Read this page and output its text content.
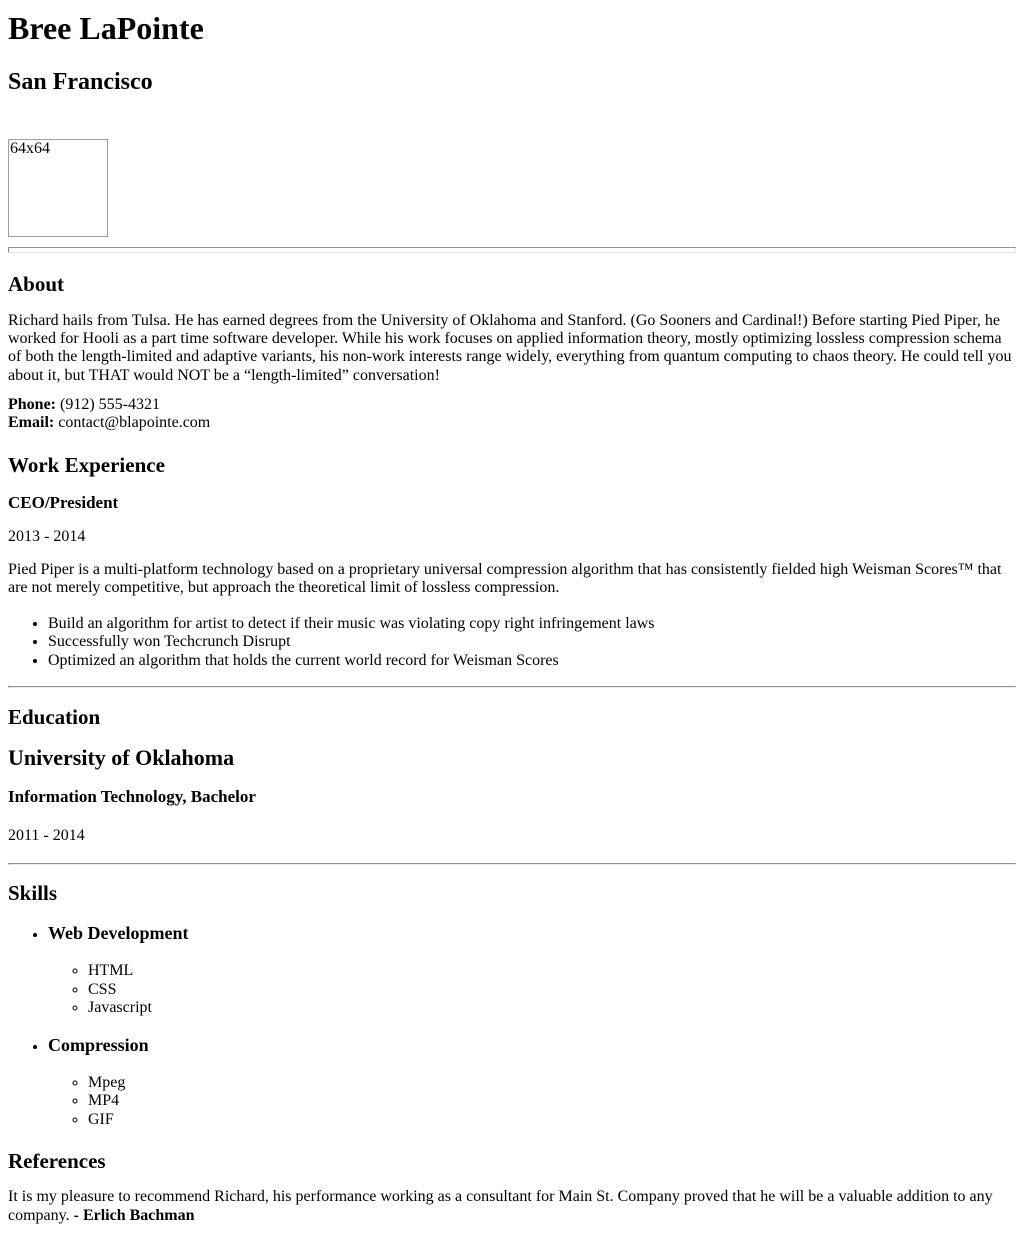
Bree LaPointe
San Francisco
64x64
About

Richard hails from Tulsa. He has earned degrees from the University of Oklahoma and Stanford. (Go Sooners and Cardinal!) Before starting Pied Piper, he worked for Hooli as a part time software developer. While his work focuses on applied information theory, mostly optimizing lossless compression schema of both the length-limited and adaptive variants, his non-work interests range widely, everything from quantum computing to chaos theory. He could tell you about it, but THAT would NOT be a “length-limited” conversation!

Phone: (912) 555-4321
Email: contact@blapointe.com

Work Experience
CEO/President

2013 - 2014

Pied Piper is a multi-platform technology based on a proprietary universal compression algorithm that has consistently fielded high Weisman Scores™ that are not merely competitive, but approach the theoretical limit of lossless compression.

• Build an algorithm for artist to detect if their music was violating copy right infringement laws
• Successfully won Techcrunch Disrupt
• Optimized an algorithm that holds the current world record for Weisman Scores
Education
University of Oklahoma
Information Technology, Bachelor

2011 - 2014

Skills
• Web Development
◦ HTML
◦ CSS
◦ Javascript
• Compression
◦ Mpeg
◦ MP4
◦ GIF
References

It is my pleasure to recommend Richard, his performance working as a consultant for Main St. Company proved that he will be a valuable addition to any company. - Erlich Bachman
